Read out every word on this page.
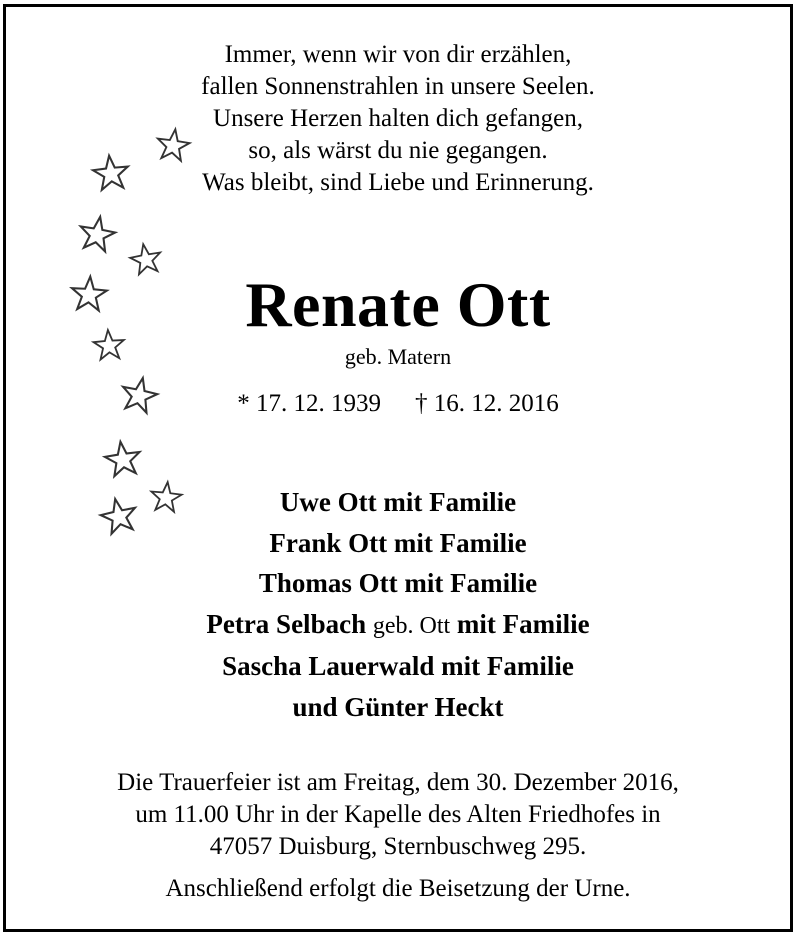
Immer, wenn wir von dir erzählen,
fallen Sonnenstrahlen in unsere Seelen.
Unsere Herzen halten dich gefangen,
so, als wärst du nie gegangen.
Was bleibt, sind Liebe und Erinnerung.
Renate Ott
geb. Matern
* 17. 12. 1939 † 16. 12. 2016
Uwe Ott mit Familie
Frank Ott mit Familie
Thomas Ott mit Familie
Petra Selbach geb. Ott mit Familie
Sascha Lauerwald mit Familie
und Günter Heckt
Die Trauerfeier ist am Freitag, dem 30. Dezember 2016,
um 11.00 Uhr in der Kapelle des Alten Friedhofes in
47057 Duisburg, Sternbuschweg 295.
Anschließend erfolgt die Beisetzung der Urne.
